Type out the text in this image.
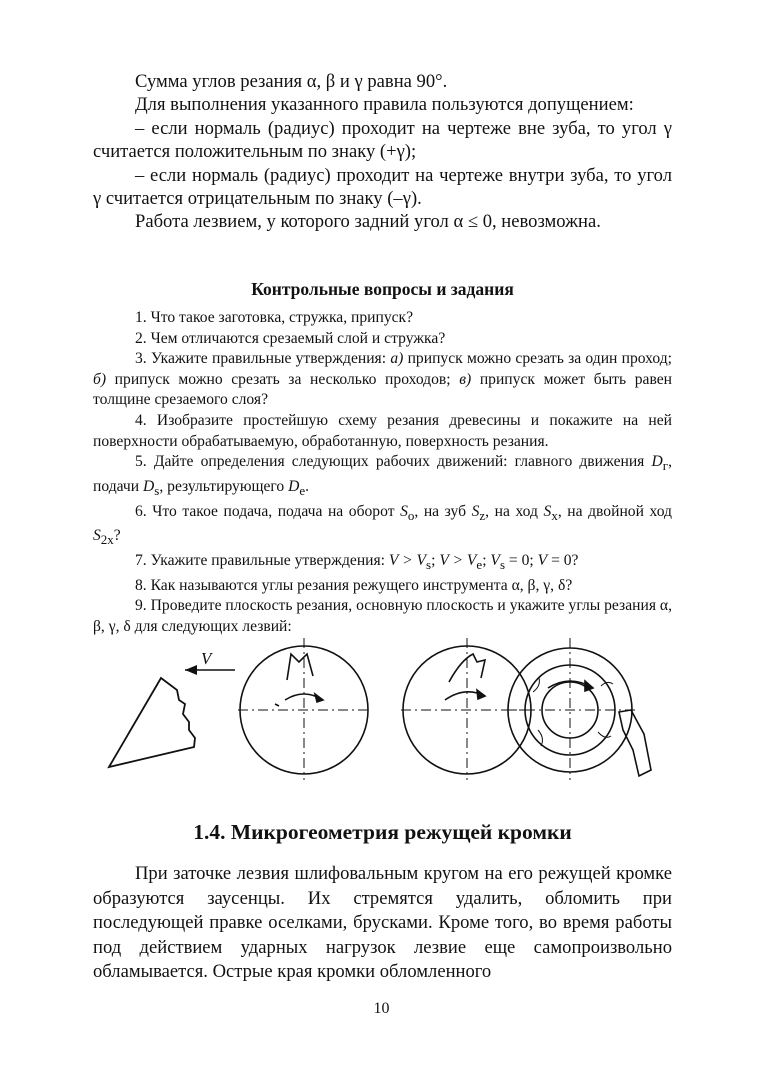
Сумма углов резания α, β и γ равна 90°.

Для выполнения указанного правила пользуются допущением:

– если нормаль (радиус) проходит на чертеже вне зуба, то угол γ считается положительным по знаку (+γ);

– если нормаль (радиус) проходит на чертеже внутри зуба, то угол γ считается отрицательным по знаку (–γ).

Работа лезвием, у которого задний угол α ≤ 0, невозможна.

Контрольные вопросы и задания

1. Что такое заготовка, стружка, припуск?

2. Чем отличаются срезаемый слой и стружка?

3. Укажите правильные утверждения: а) припуск можно срезать за один проход; б) припуск можно срезать за несколько проходов; в) припуск может быть равен толщине срезаемого слоя?

4. Изобразите простейшую схему резания древесины и покажите на ней поверхности обрабатываемую, обработанную, поверхность резания.

5. Дайте определения следующих рабочих движений: главного движения $D_г$, подачи $D_s$, результирующего $D_e$.

6. Что такое подача, подача на оборот $S_o$, на зуб $S_z$, на ход $S_x$, на двойной ход $S_{2x}$?

7. Укажите правильные утверждения: $V > V_s$; $V > V_e$; $V_s = 0$; V = 0?

8. Как называются углы резания режущего инструмента α, β, γ, δ?

9. Проведите плоскость резания, основную плоскость и укажите углы резания α, β, γ, δ для следующих лезвий:

V
1.4. Микрогеометрия режущей кромки

При заточке лезвия шлифовальным кругом на его режущей кромке образуются заусенцы. Их стремятся удалить, обломить при последующей правке оселками, брусками. Кроме того, во время работы под действием ударных нагрузок лезвие еще самопроизвольно обламывается. Острые края кромки обломленного

10
